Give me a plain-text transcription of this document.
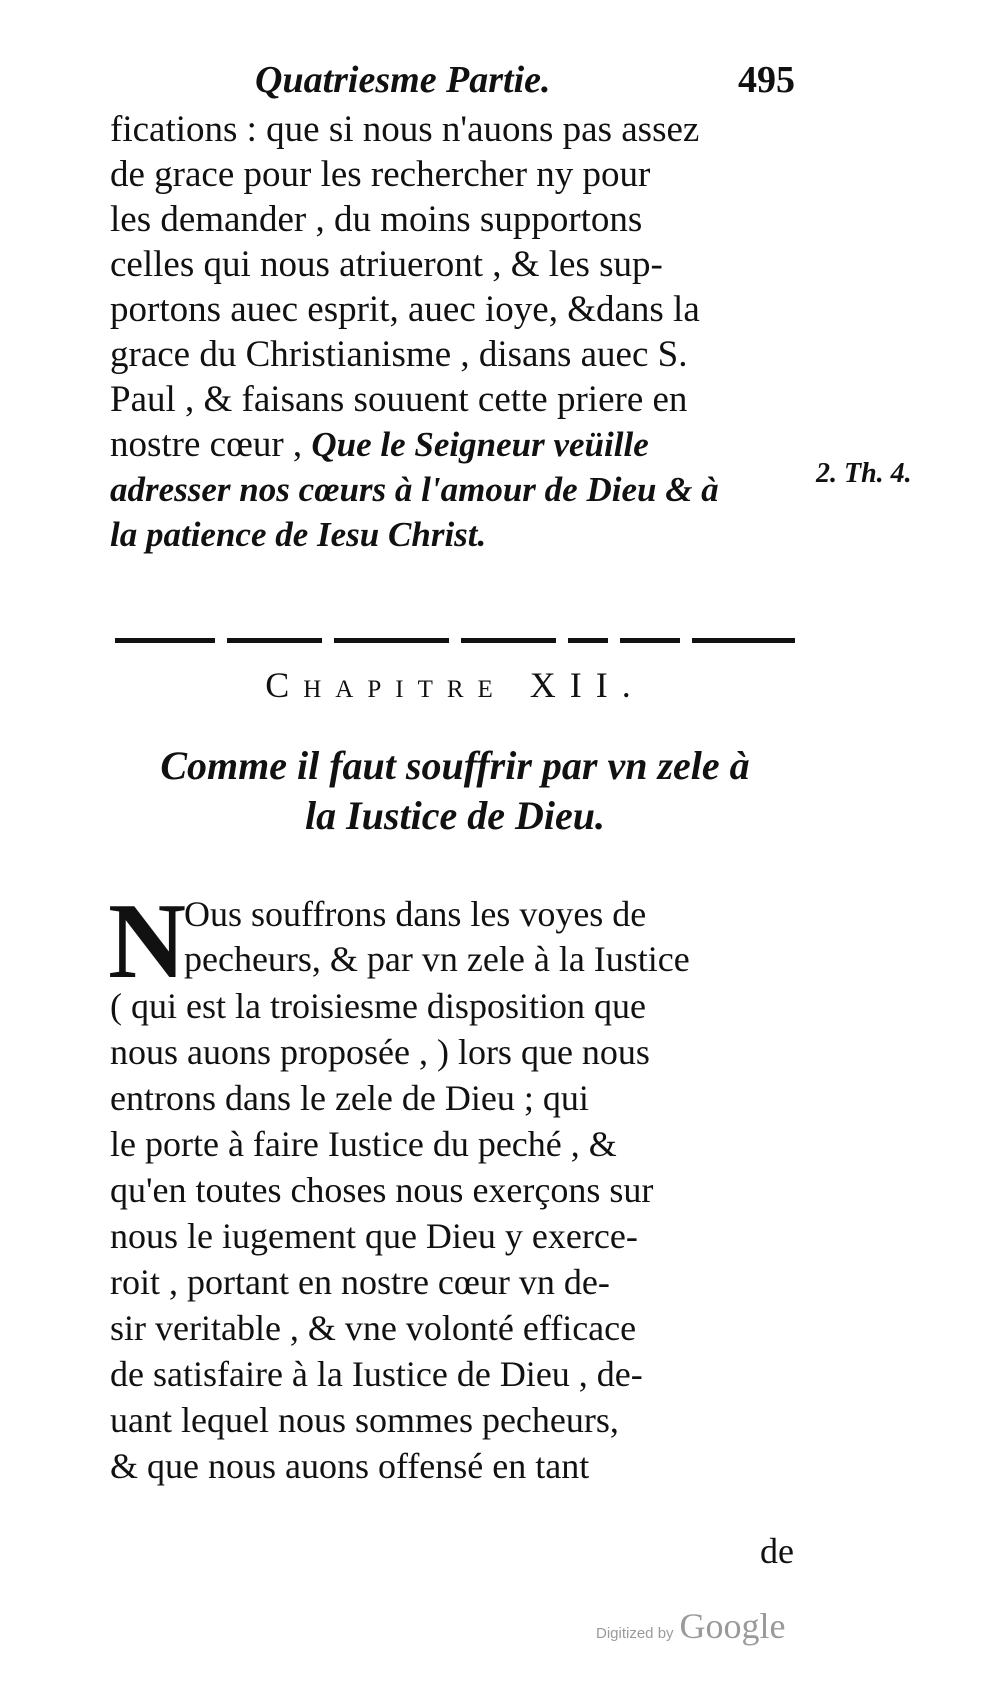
Quatriesme Partie.	495
fications : que si nous n'auons pas assez
de grace pour les rechercher ny pour
les demander , du moins supportons
celles qui nous atriueront , & les sup-
portons auec esprit, auec ioye, &dans la
grace du Christianisme , disans auec S.
Paul , & faisans souuent cette priere en
nostre cœur , Que le Seigneur veüille
adresser nos cœurs à l'amour de Dieu & à
la patience de Iesu Christ.
2. Th. 4.
Chapitre XII.
Comme il faut souffrir par vn zele à
la Iustice de Dieu.
N
Ous souffrons dans les voyes de
pecheurs, & par vn zele à la Iustice
( qui est la troisiesme disposition que
nous auons proposée , ) lors que nous
entrons dans le zele de Dieu ; qui
le porte à faire Iustice du peché , &
qu'en toutes choses nous exerçons sur
nous le iugement que Dieu y exerce-
roit , portant en nostre cœur vn de-
sir veritable , & vne volonté efficace
de satisfaire à la Iustice de Dieu , de-
uant lequel nous sommes pecheurs,
& que nous auons offensé en tant
de
Digitized by Google
